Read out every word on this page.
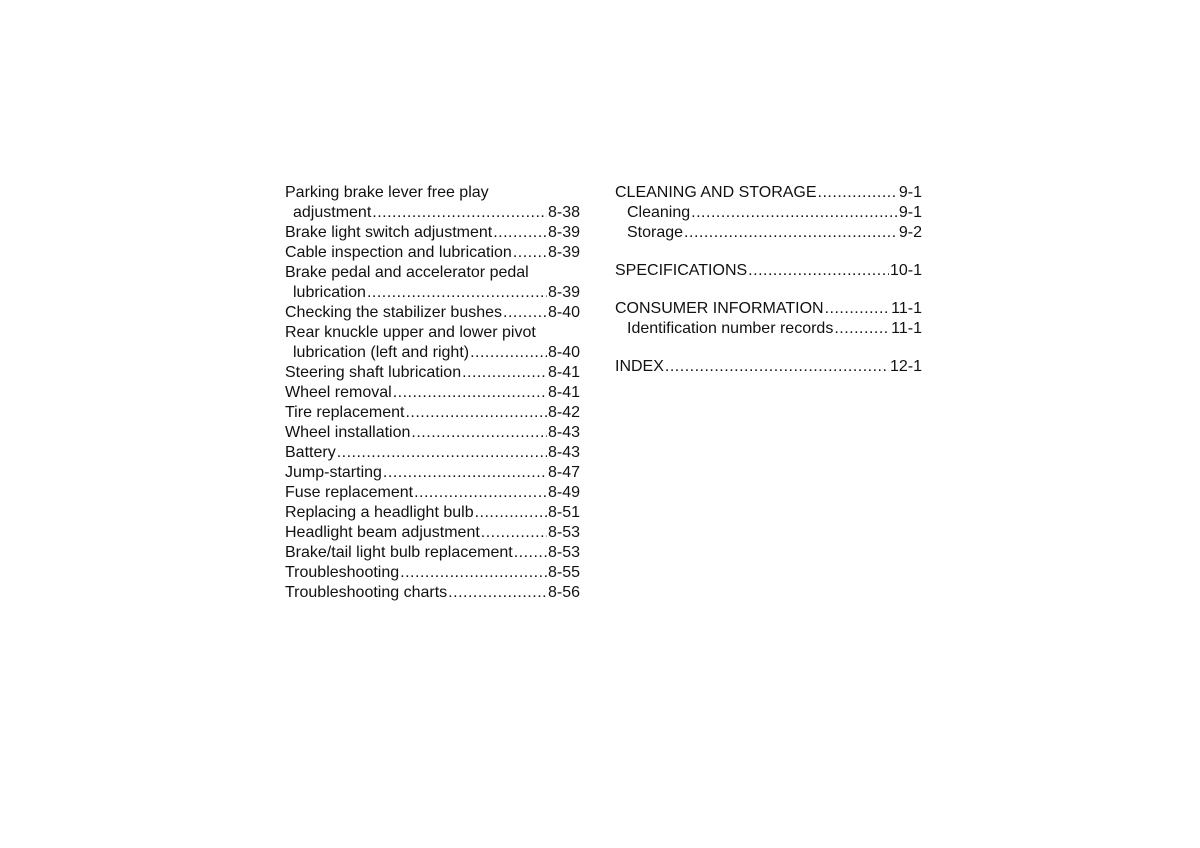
Parking brake lever free play
adjustment .....	8-38
Brake light switch adjustment .....	8-39
Cable inspection and lubrication ..... 8-39
Brake pedal and accelerator pedal
lubrication .....	8-39
Checking the stabilizer bushes .....	8-40
Rear knuckle upper and lower pivot
lubrication (left and right) .....	8-40
Steering shaft lubrication .....	8-41
Wheel removal .....	8-41
Tire replacement .....	8-42
Wheel installation .....	8-43
Battery .....	8-43
Jump-starting .....	8-47
Fuse replacement .....	8-49
Replacing a headlight bulb .....	8-51
Headlight beam adjustment .....	8-53
Brake/tail light bulb replacement ..... 8-53
Troubleshooting .....	8-55
Troubleshooting charts .....	8-56
CLEANING AND STORAGE .....	9-1
Cleaning .....	9-1
Storage .....	9-2
SPECIFICATIONS .....	10-1
CONSUMER INFORMATION .....	11-1
Identification number records .....	11-1
INDEX .....	12-1
